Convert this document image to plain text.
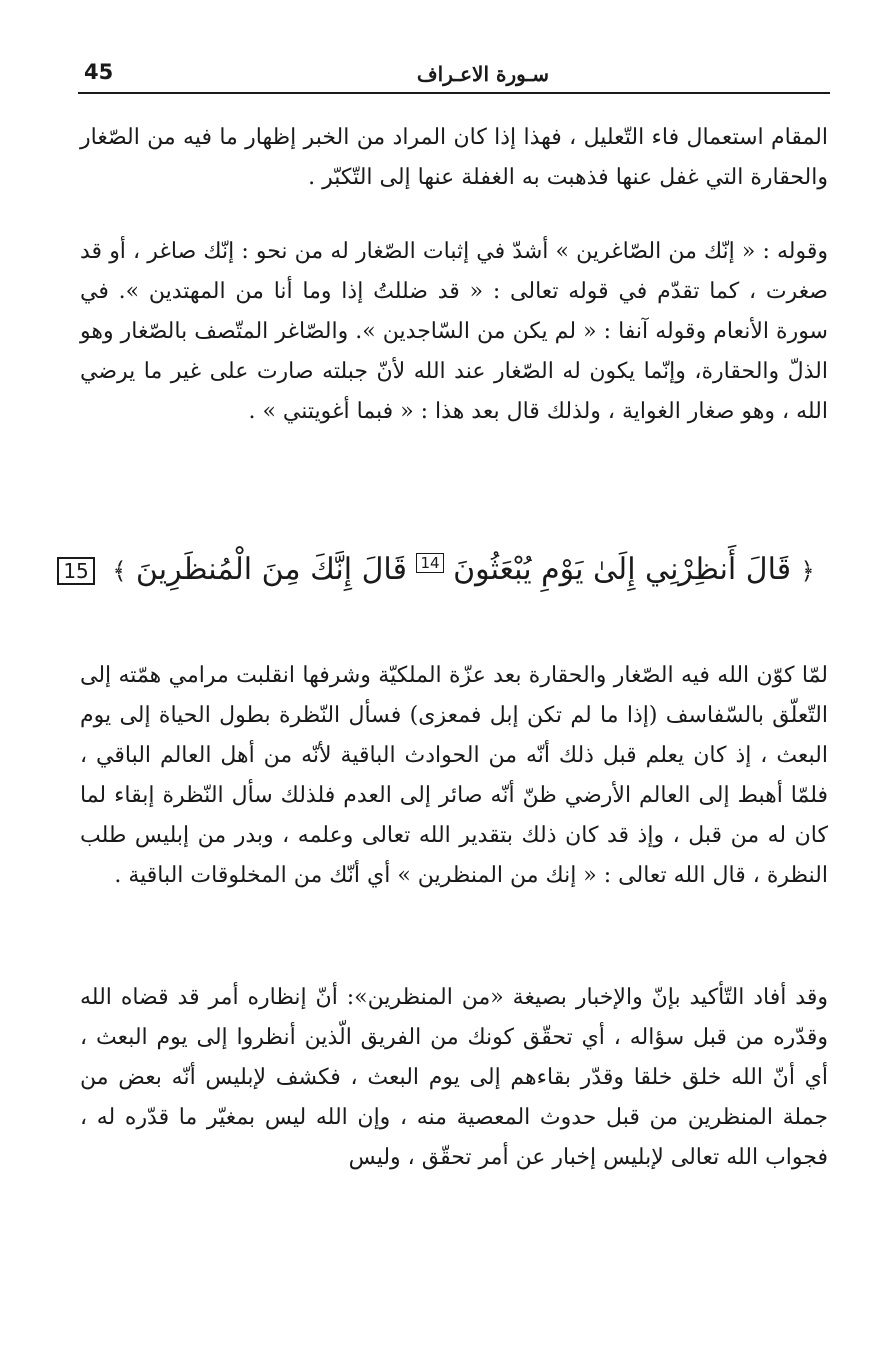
45	سـورة الاعـراف

المقام استعمال فاء التّعليل ، فهذا إذا كان المراد من الخبر إظهار ما فيه من الصّغار والحقارة التي غفل عنها فذهبت به الغفلة عنها إلى التّكبّر .

وقوله : « إنّك من الصّاغرين » أشدّ في إثبات الصّغار له من نحو : إنّك صاغر ، أو قد صغرت ، كما تقدّم في قوله تعالى : « قد ضللتُ إذا وما أنا من المهتدين ». في سورة الأنعام وقوله آنفا : « لم يكن من السّاجدين ». والصّاغر المتّصف بالصّغار وهو الذلّ والحقارة، وإنّما يكون له الصّغار عند الله لأنّ جبلته صارت على غير ما يرضي الله ، وهو صغار الغواية ، ولذلك قال بعد هذا : « فبما أغويتني » .

﴿ قَالَ أَنظِرْنِي إِلَىٰ يَوْمِ يُبْعَثُونَ 14 قَالَ إِنَّكَ مِنَ الْمُنظَرِينَ ﴾ 15

لمّا كوّن الله فيه الصّغار والحقارة بعد عزّة الملكيّة وشرفها انقلبت مرامي همّته إلى التّعلّق بالسّفاسف (إذا ما لم تكن إبل فمعزى) فسأل النّظرة بطول الحياة إلى يوم البعث ، إذ كان يعلم قبل ذلك أنّه من الحوادث الباقية لأنّه من أهل العالم الباقي ، فلمّا أهبط إلى العالم الأرضي ظنّ أنّه صائر إلى العدم فلذلك سأل النّظرة إبقاء لما كان له من قبل ، وإذ قد كان ذلك بتقدير الله تعالى وعلمه ، وبدر من إبليس طلب النظرة ، قال الله تعالى : « إنك من المنظرين » أي أنّك من المخلوقات الباقية .

وقد أفاد التّأكيد بإنّ والإخبار بصيغة «من المنظرين»: أنّ إنظاره أمر قد قضاه الله وقدّره من قبل سؤاله ، أي تحقّق كونك من الفريق الّذين أنظروا إلى يوم البعث ، أي أنّ الله خلق خلقا وقدّر بقاءهم إلى يوم البعث ، فكشف لإبليس أنّه بعض من جملة المنظرين من قبل حدوث المعصية منه ، وإن الله ليس بمغيّر ما قدّره له ، فجواب الله تعالى لإبليس إخبار عن أمر تحقّق ، وليس
